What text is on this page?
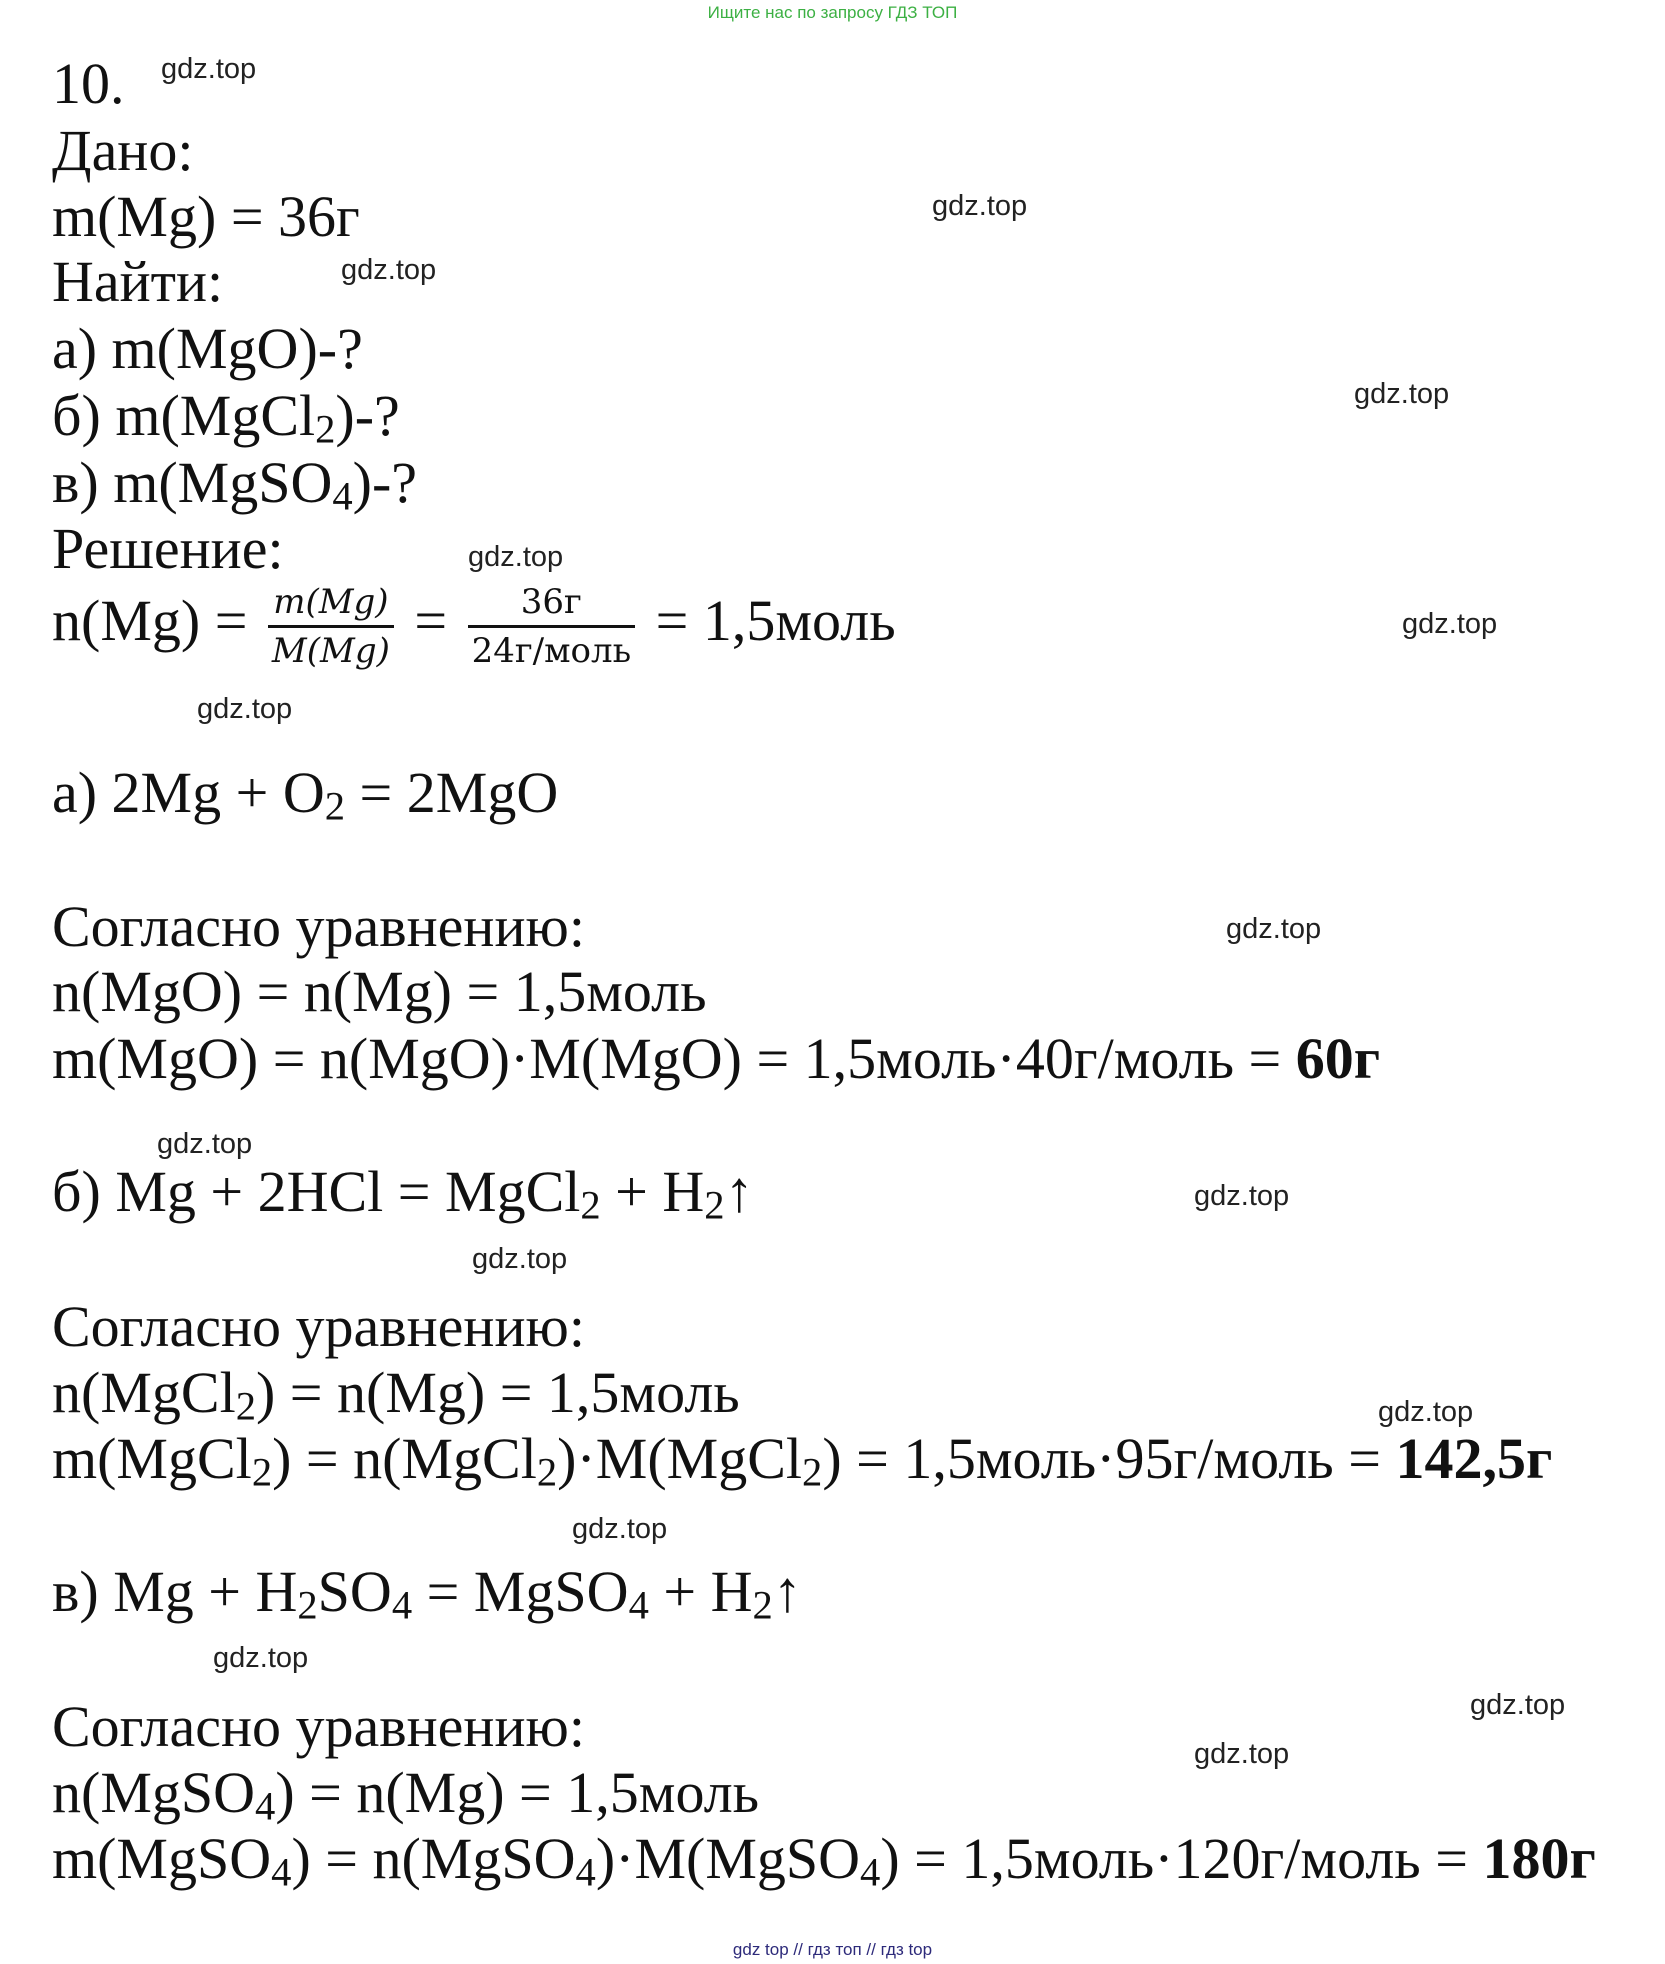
Ищите нас по запросу ГДЗ ТОП
gdz.top
gdz.top
gdz.top
gdz.top
gdz.top
gdz.top
gdz.top
gdz.top
gdz.top
gdz.top
gdz.top
gdz.top
gdz.top
gdz.top
gdz.top
gdz.top
10.
Дано:
m(Mg) = 36г
Найти:
а) m(MgO)-?
б) m(MgCl$_2$)-?
в) m(MgSO$_4$)-?
Решение:
$n(Mg) = \frac{m(Mg)}{M(Mg)} = \frac{36г}{\text{24г/моль}}$ = 1,5моль
а) $2Mg + O_2 = 2MgO$
Согласно уравнению:
n(MgO) = n(Mg) = 1,5моль
m(MgO) = n(MgO)·M(MgO) = 1,5моль·40г/моль = 60г
б) Mg + 2HCl = MgCl$_2$ + $H_2↑$
Согласно уравнению:
n(MgCl$_2$) = n(Mg) = 1,5моль
m(MgCl$_2$) = n(MgCl$_2$)·M(MgCl$_2$) = 1,5моль·95г/моль = 142,5г
в) $Mg + H_2SO_4$ = MgSO$_4$ + $H_2↑$
Согласно уравнению:
n(MgSO$_4$) = n(Mg) = 1,5моль
m(MgSO$_4$) = n(MgSO$_4$)·M(MgSO$_4$) = 1,5моль·120г/моль = 180г
gdz top // гдз топ // гдз top
